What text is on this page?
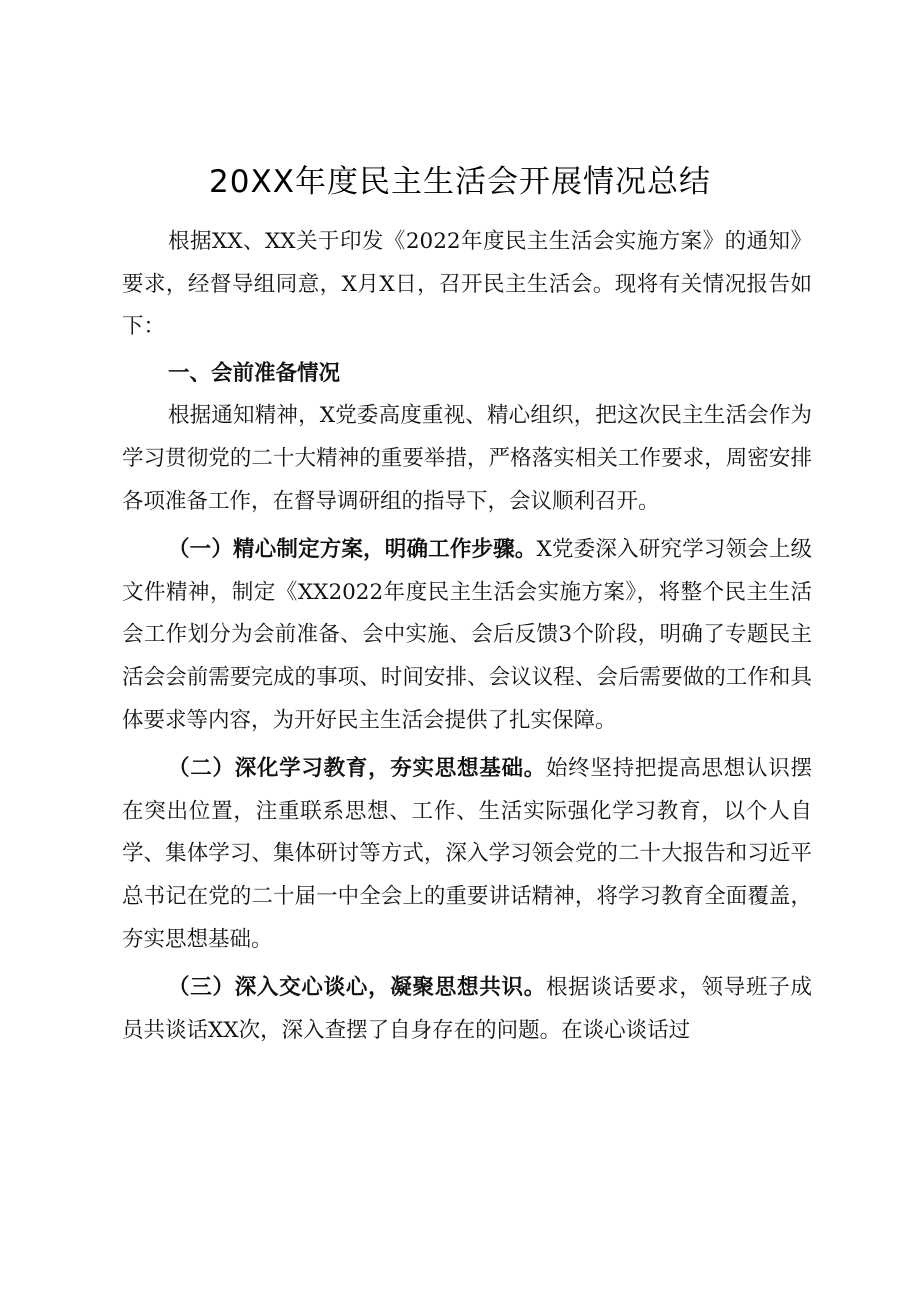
20XX年度民主生活会开展情况总结

根据XX、XX关于印发《2022年度民主生活会实施方案》的通知》要求，经督导组同意，X月X日，召开民主生活会。现将有关情况报告如下：

一、会前准备情况

根据通知精神，X党委高度重视、精心组织，把这次民主生活会作为学习贯彻党的二十大精神的重要举措，严格落实相关工作要求，周密安排各项准备工作，在督导调研组的指导下，会议顺利召开。

（一）精心制定方案，明确工作步骤。X党委深入研究学习领会上级文件精神，制定《XX2022年度民主生活会实施方案》，将整个民主生活会工作划分为会前准备、会中实施、会后反馈3个阶段，明确了专题民主活会会前需要完成的事项、时间安排、会议议程、会后需要做的工作和具体要求等内容，为开好民主生活会提供了扎实保障。

（二）深化学习教育，夯实思想基础。始终坚持把提高思想认识摆在突出位置，注重联系思想、工作、生活实际强化学习教育，以个人自学、集体学习、集体研讨等方式，深入学习领会党的二十大报告和习近平总书记在党的二十届一中全会上的重要讲话精神，将学习教育全面覆盖，夯实思想基础。

（三）深入交心谈心，凝聚思想共识。根据谈话要求，领导班子成员共谈话XX次，深入查摆了自身存在的问题。在谈心谈话过
